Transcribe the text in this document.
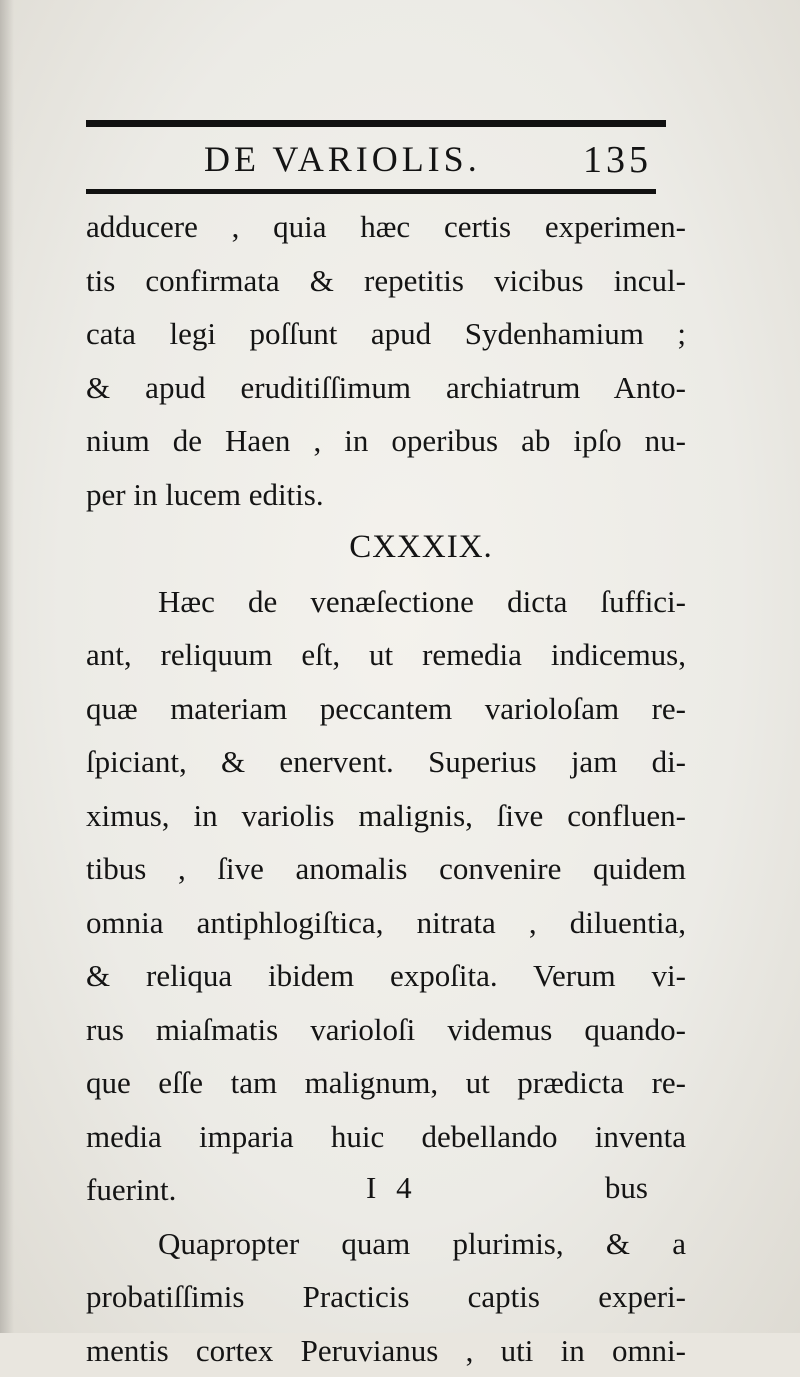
DE VARIOLIS.	135
adducere , quia hæc certis experimen-
tis confirmata & repetitis vicibus incul-
cata legi poſſunt apud Sydenhamium ;
& apud eruditiſſimum archiatrum Anto-
nium de Haen , in operibus ab ipſo nu-
per in lucem editis.
CXXXIX.
Hæc de venæſectione dicta ſuffici-
ant, reliquum eſt, ut remedia indicemus,
quæ materiam peccantem varioloſam re-
ſpiciant, & enervent. Superius jam di-
ximus, in variolis malignis, ſive confluen-
tibus , ſive anomalis convenire quidem
omnia antiphlogiſtica, nitrata , diluentia,
& reliqua ibidem expoſita. Verum vi-
rus miaſmatis varioloſi videmus quando-
que eſſe tam malignum, ut prædicta re-
media imparia huic debellando inventa
fuerint.
Quapropter quam plurimis, & a
probatiſſimis Practicis captis experi-
mentis cortex Peruvianus , uti in omni-
I 4	bus
